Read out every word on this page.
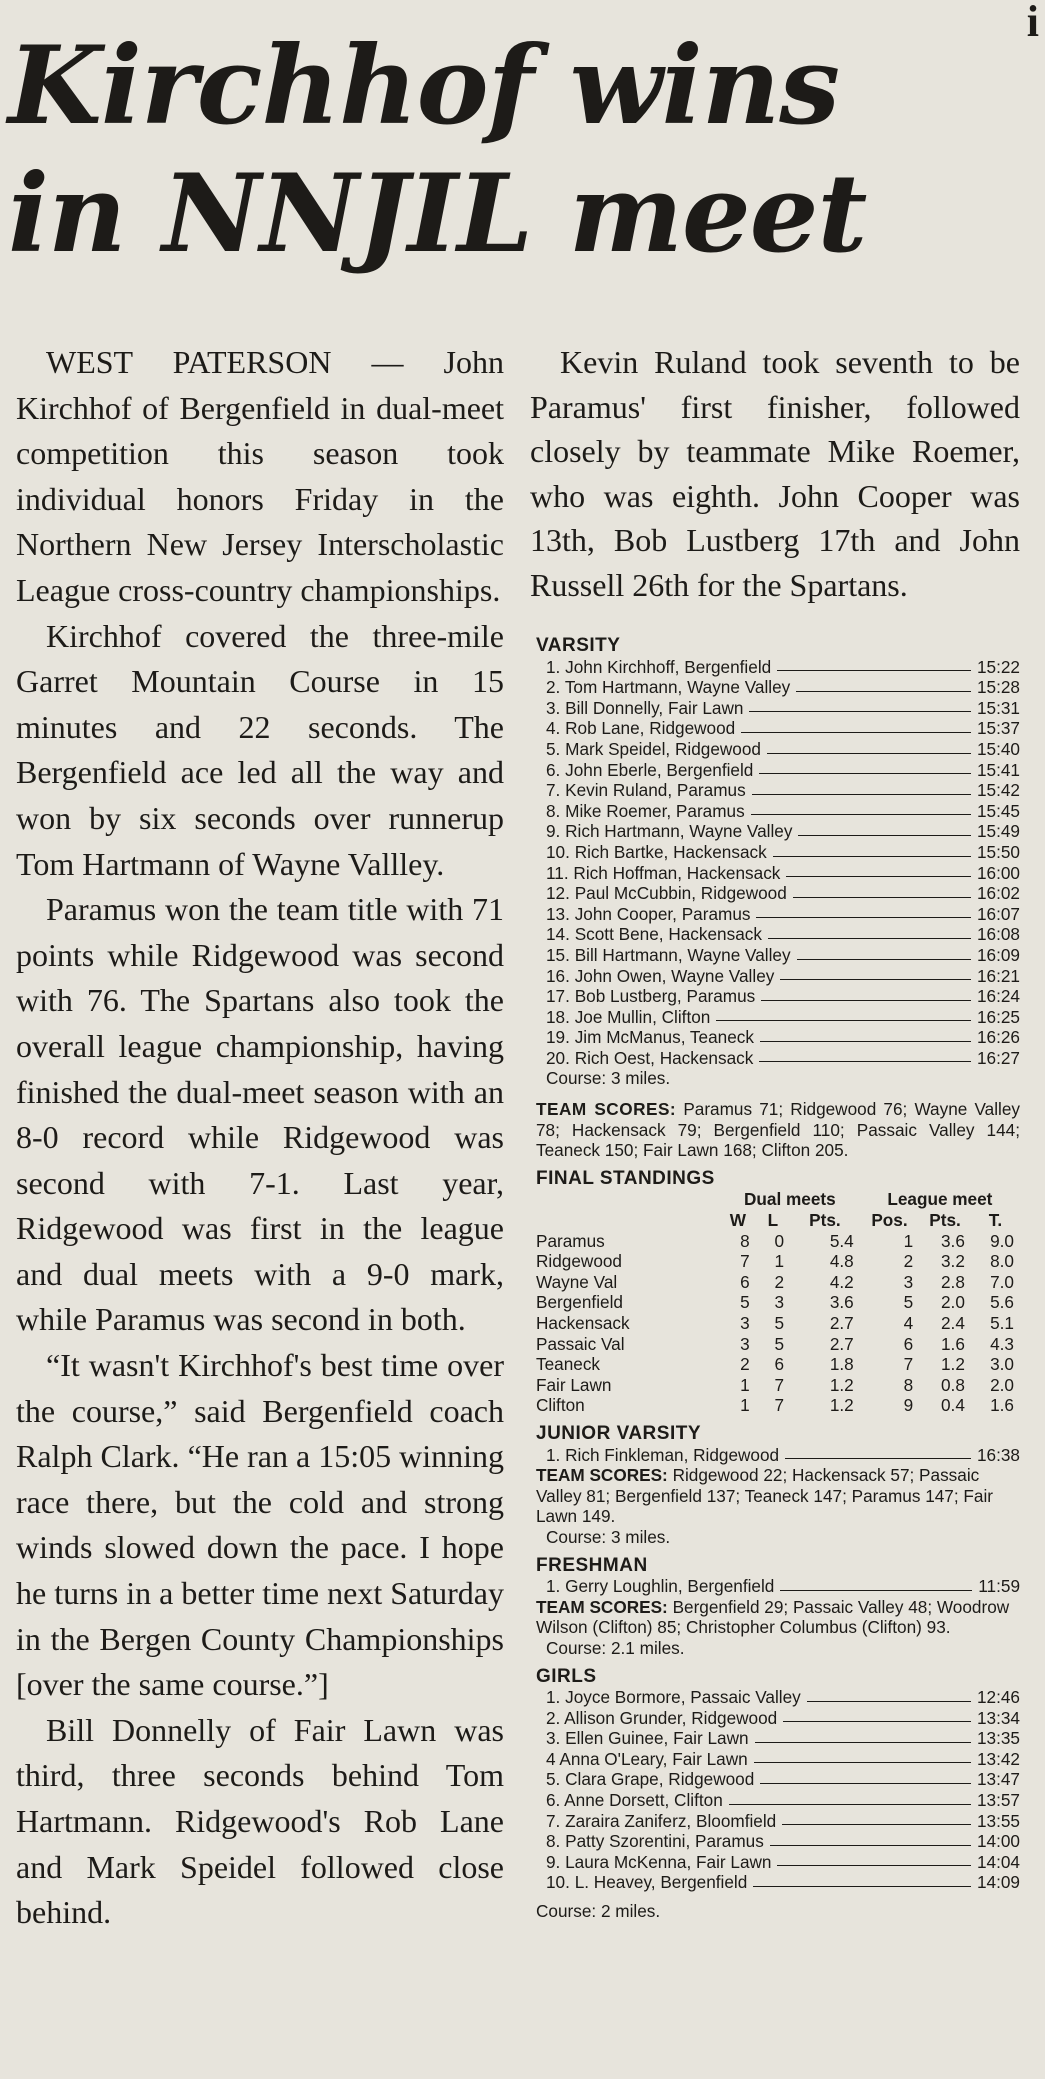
i
Kirchhof wins
in NNJIL meet

WEST PATERSON — John Kirchhof of Bergenfield in dual-meet competition this season took individual honors Friday in the Northern New Jersey Interscholastic League cross-country championships.

Kirchhof covered the three-mile Garret Mountain Course in 15 minutes and 22 seconds. The Bergenfield ace led all the way and won by six seconds over runnerup Tom Hartmann of Wayne Vallley.

Paramus won the team title with 71 points while Ridgewood was second with 76. The Spartans also took the overall league championship, having finished the dual-meet season with an 8-0 record while Ridgewood was second with 7-1. Last year, Ridgewood was first in the league and dual meets with a 9-0 mark, while Paramus was second in both.

“It wasn't Kirchhof's best time over the course,” said Bergenfield coach Ralph Clark. “He ran a 15:05 winning race there, but the cold and strong winds slowed down the pace. I hope he turns in a better time next Saturday in the Bergen County Championships [over the same course.”]

Bill Donnelly of Fair Lawn was third, three seconds behind Tom Hartmann. Ridgewood's Rob Lane and Mark Speidel followed close behind.

Kevin Ruland took seventh to be Paramus' first finisher, followed closely by teammate Mike Roemer, who was eighth. John Cooper was 13th, Bob Lustberg 17th and John Russell 26th for the Spartans.

VARSITY
1. John Kirchhoff, Bergenfield	15:22
2. Tom Hartmann, Wayne Valley	15:28
3. Bill Donnelly, Fair Lawn	15:31
4. Rob Lane, Ridgewood	15:37
5. Mark Speidel, Ridgewood	15:40
6. John Eberle, Bergenfield	15:41
7. Kevin Ruland, Paramus	15:42
8. Mike Roemer, Paramus	15:45
9. Rich Hartmann, Wayne Valley	15:49
10. Rich Bartke, Hackensack	15:50
11. Rich Hoffman, Hackensack	16:00
12. Paul McCubbin, Ridgewood	16:02
13. John Cooper, Paramus	16:07
14. Scott Bene, Hackensack	16:08
15. Bill Hartmann, Wayne Valley	16:09
16. John Owen, Wayne Valley	16:21
17. Bob Lustberg, Paramus	16:24
18. Joe Mullin, Clifton	16:25
19. Jim McManus, Teaneck	16:26
20. Rich Oest, Hackensack	16:27
Course: 3 miles.
TEAM SCORES: Paramus 71; Ridgewood 76; Wayne Valley 78; Hackensack 79; Bergenfield 110; Passaic Valley 144; Teaneck 150; Fair Lawn 168; Clifton 205.
FINAL STANDINGS
	Dual meets			League meet		
	W	L	Pts.	Pos.	Pts.	T.
Paramus	8	0	5.4	1	3.6	9.0
Ridgewood	7	1	4.8	2	3.2	8.0
Wayne Val	6	2	4.2	3	2.8	7.0
Bergenfield	5	3	3.6	5	2.0	5.6
Hackensack	3	5	2.7	4	2.4	5.1
Passaic Val	3	5	2.7	6	1.6	4.3
Teaneck	2	6	1.8	7	1.2	3.0
Fair Lawn	1	7	1.2	8	0.8	2.0
Clifton	1	7	1.2	9	0.4	1.6
JUNIOR VARSITY
1. Rich Finkleman, Ridgewood	16:38
TEAM SCORES: Ridgewood 22; Hackensack 57; Passaic Valley 81; Bergenfield 137; Teaneck 147; Paramus 147; Fair Lawn 149.
Course: 3 miles.
FRESHMAN
1. Gerry Loughlin, Bergenfield	11:59
TEAM SCORES: Bergenfield 29; Passaic Valley 48; Woodrow Wilson (Clifton) 85; Christopher Columbus (Clifton) 93.
Course: 2.1 miles.
GIRLS
1. Joyce Bormore, Passaic Valley	12:46
2. Allison Grunder, Ridgewood	13:34
3. Ellen Guinee, Fair Lawn	13:35
4 Anna O'Leary, Fair Lawn	13:42
5. Clara Grape, Ridgewood	13:47
6. Anne Dorsett, Clifton	13:57
7. Zaraira Zaniferz, Bloomfield	13:55
8. Patty Szorentini, Paramus	14:00
9. Laura McKenna, Fair Lawn	14:04
10. L. Heavey, Bergenfield	14:09
Course: 2 miles.
